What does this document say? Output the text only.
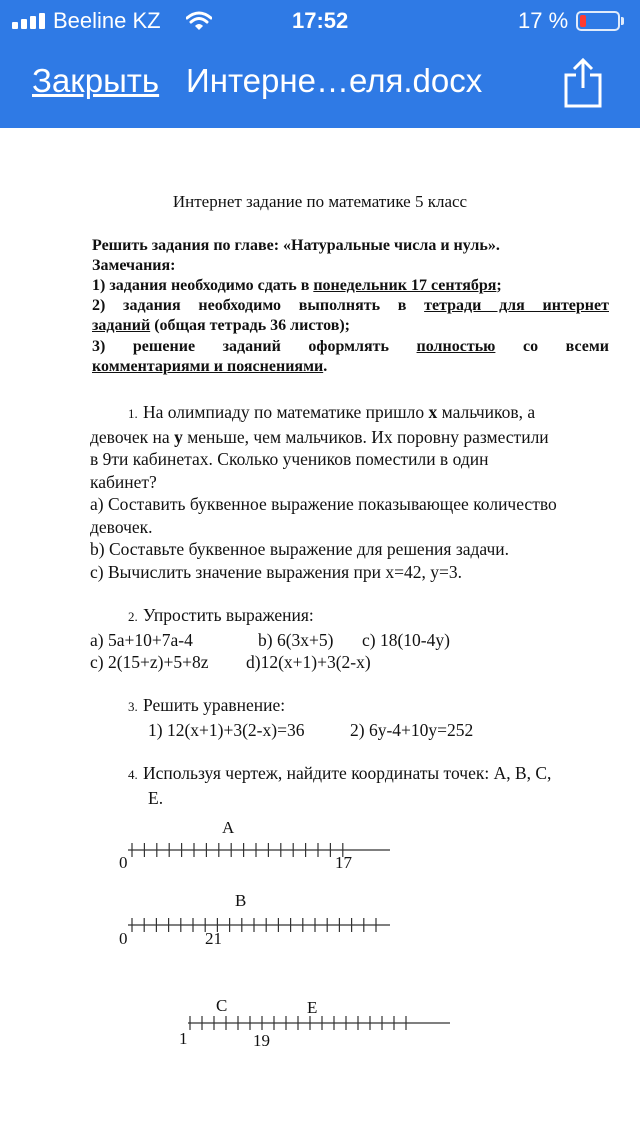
Beeline KZ	17:52	17 %
Закрыть Интерне…еля.docx
Интернет задание по математике 5 класс
Решить задания по главе: «Натуральные числа и нуль».
Замечания:
1) задания необходимо сдать в понедельник 17 сентября;
2) задания необходимо выполнять в тетради для интернет
заданий (общая тетрадь 36 листов);
3) решение заданий оформлять полностью со всеми
комментариями и пояснениями.
1. На олимпиаду по математике пришло х мальчиков, а
девочек на у меньше, чем мальчиков. Их поровну разместили
в 9ти кабинетах. Сколько учеников поместили в один
кабинет?
а) Составить буквенное выражение показывающее количество
девочек.
b) Составьте буквенное выражение для решения задачи.
с) Вычислить значение выражения при х=42, у=3.
2. Упростить выражения:
а) 5а+10+7а-4	b) 6(3х+5) с) 18(10-4у)
с) 2(15+z)+5+8z d)12(х+1)+3(2-х)
3. Решить уравнение:
1) 12(х+1)+3(2-х)=36	2) 6у-4+10у=252
4. Используя чертеж, найдите координаты точек: А, В, С,
Е.
A
0	17
B
0	21
C	E
1	19
